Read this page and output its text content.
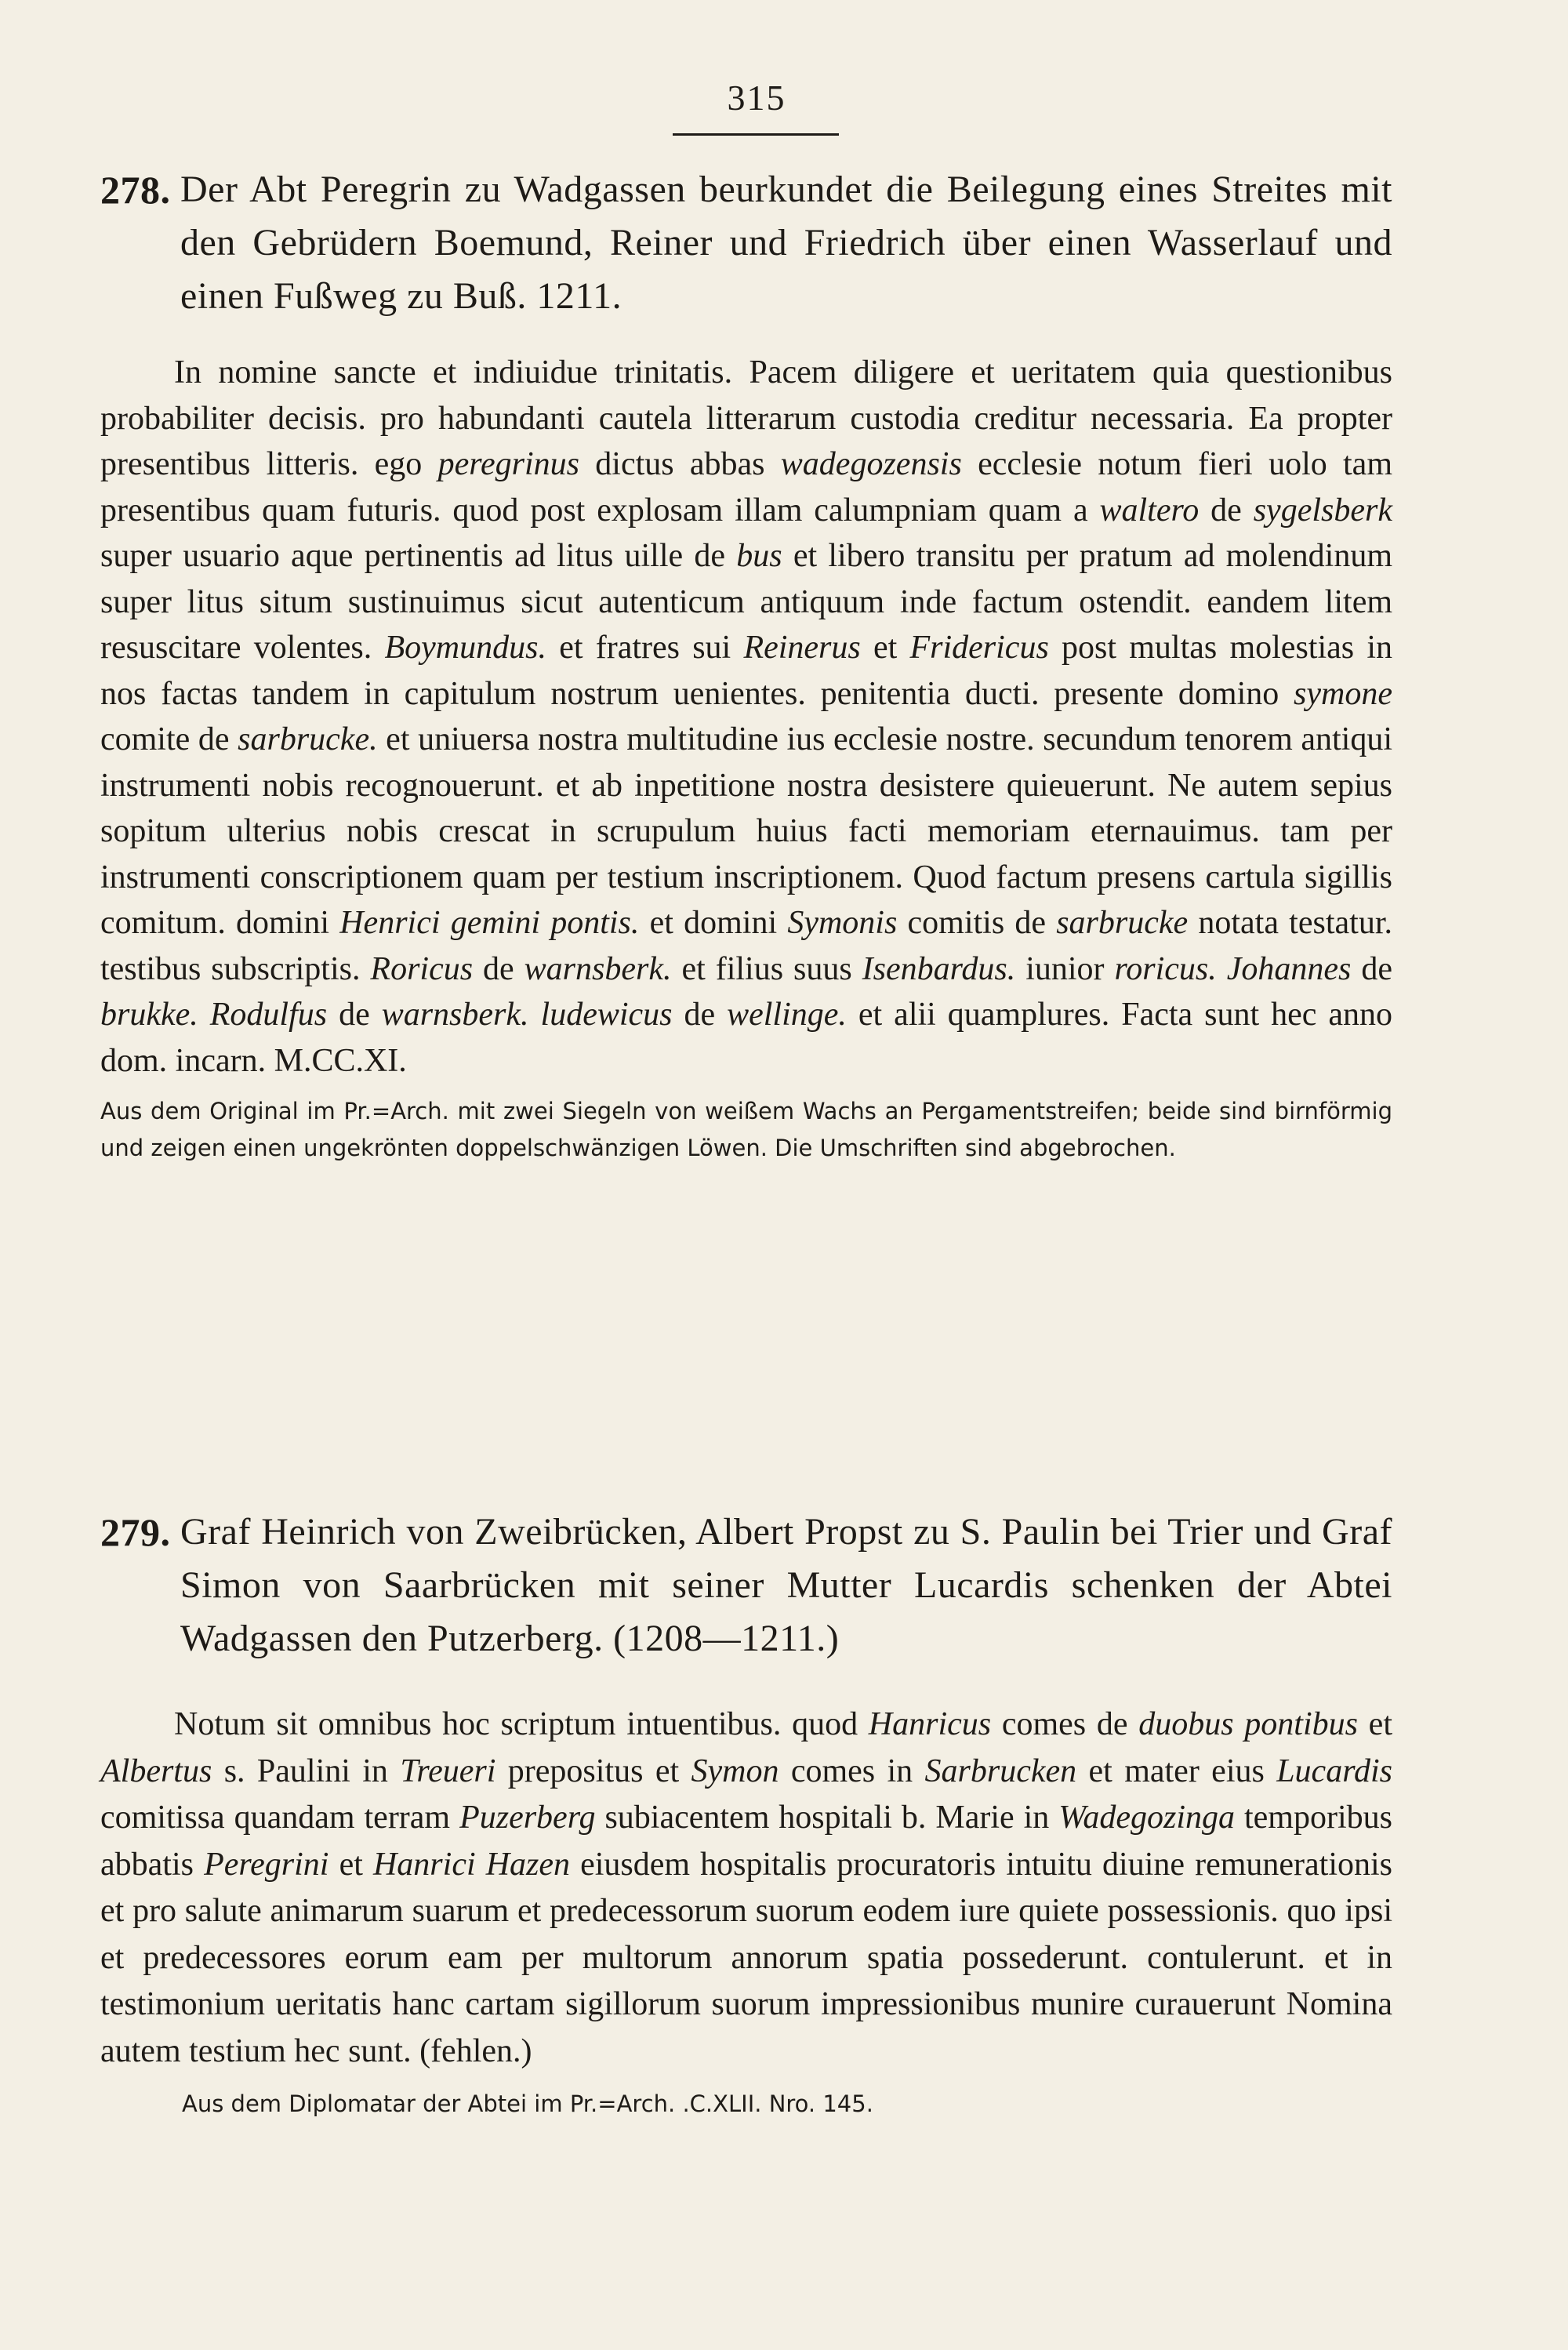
315
278. Der Abt Peregrin zu Wadgassen beurkundet die Beilegung eines Streites mit den Gebrüdern Boemund, Reiner und Friedrich über einen Wasserlauf und einen Fußweg zu Buß. 1211.

In nomine sancte et indiuidue trinitatis. Pacem diligere et ueritatem quia questionibus probabiliter decisis. pro habundanti cautela litterarum custodia creditur necessaria. Ea propter presentibus litteris. ego peregrinus dictus abbas wadegozensis ecclesie notum fieri uolo tam presentibus quam futuris. quod post explosam illam calumpniam quam a waltero de sygelsberk super usuario aque pertinentis ad litus uille de bus et libero transitu per pratum ad molendinum super litus situm sustinuimus sicut autenticum antiquum inde factum ostendit. eandem litem resuscitare volentes. Boymundus. et fratres sui Reinerus et Fridericus post multas molestias in nos factas tandem in capitulum nostrum uenientes. penitentia ducti. presente domino symone comite de sarbrucke. et uniuersa nostra multitudine ius ecclesie nostre. secundum tenorem antiqui instrumenti nobis recognouerunt. et ab inpetitione nostra desistere quieuerunt. Ne autem sepius sopitum ulterius nobis crescat in scrupulum huius facti memoriam eternauimus. tam per instrumenti conscriptionem quam per testium inscriptionem. Quod factum presens cartula sigillis comitum. domini Henrici gemini pontis. et domini Symonis comitis de sarbrucke notata testatur. testibus subscriptis. Roricus de warnsberk. et filius suus Isenbardus. iunior roricus. Johannes de brukke. Rodulfus de warnsberk. ludewicus de wellinge. et alii quamplures. Facta sunt hec anno dom. incarn. M.CC.XI.

Aus dem Original im Pr.=Arch. mit zwei Siegeln von weißem Wachs an Pergamentstreifen; beide sind birnförmig und zeigen einen ungekrönten doppelschwänzigen Löwen. Die Umschriften sind abgebrochen.
279. Graf Heinrich von Zweibrücken, Albert Propst zu S. Paulin bei Trier und Graf Simon von Saarbrücken mit seiner Mutter Lucardis schenken der Abtei Wadgassen den Putzerberg. (1208—1211.)

Notum sit omnibus hoc scriptum intuentibus. quod Hanricus comes de duobus pontibus et Albertus s. Paulini in Treueri prepositus et Symon comes in Sarbrucken et mater eius Lucardis comitissa quandam terram Puzerberg subiacentem hospitali b. Marie in Wadegozinga temporibus abbatis Peregrini et Hanrici Hazen eiusdem hospitalis procuratoris intuitu diuine remunerationis et pro salute animarum suarum et predecessorum suorum eodem iure quiete possessionis. quo ipsi et predecessores eorum eam per multorum annorum spatia possederunt. contulerunt. et in testimonium ueritatis hanc cartam sigillorum suorum impressionibus munire curauerunt Nomina autem testium hec sunt. (fehlen.)

Aus dem Diplomatar der Abtei im Pr.=Arch. .C.XLII. Nro. 145.
